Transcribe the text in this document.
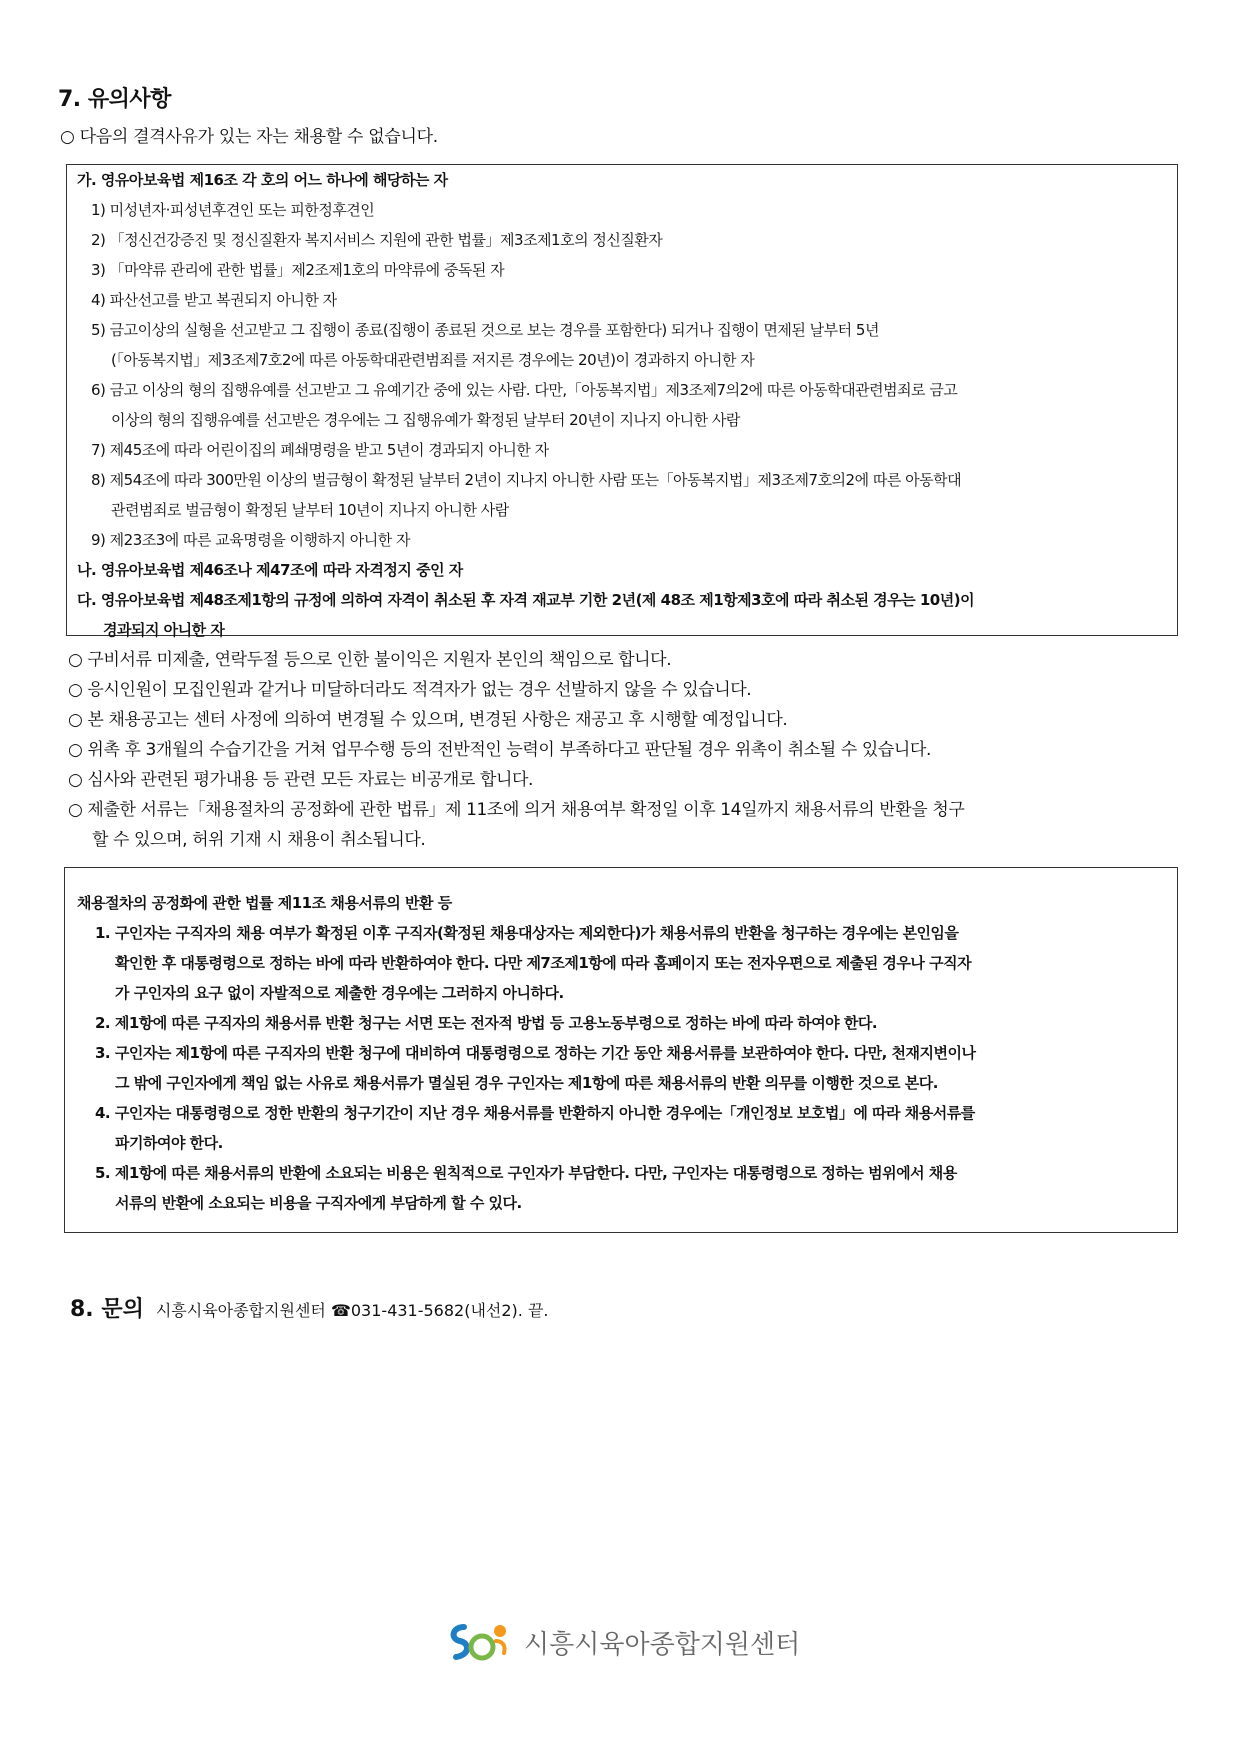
7. 유의사항

○ 다음의 결격사유가 있는 자는 채용할 수 없습니다.

가. 영유아보육법 제16조 각 호의 어느 하나에 해당하는 자

1) 미성년자·피성년후견인 또는 피한정후견인

2) 「정신건강증진 및 정신질환자 복지서비스 지원에 관한 법률」제3조제1호의 정신질환자

3) 「마약류 관리에 관한 법률」제2조제1호의 마약류에 중독된 자

4) 파산선고를 받고 복권되지 아니한 자

5) 금고이상의 실형을 선고받고 그 집행이 종료(집행이 종료된 것으로 보는 경우를 포함한다) 되거나 집행이 면제된 날부터 5년

(「아동복지법」제3조제7호2에 따른 아동학대관련범죄를 저지른 경우에는 20년)이 경과하지 아니한 자

6) 금고 이상의 형의 집행유예를 선고받고 그 유예기간 중에 있는 사람. 다만,「아동복지법」제3조제7의2에 따른 아동학대관련범죄로 금고

이상의 형의 집행유예를 선고받은 경우에는 그 집행유예가 확정된 날부터 20년이 지나지 아니한 사람

7) 제45조에 따라 어린이집의 폐쇄명령을 받고 5년이 경과되지 아니한 자

8) 제54조에 따라 300만원 이상의 벌금형이 확정된 날부터 2년이 지나지 아니한 사람 또는「아동복지법」제3조제7호의2에 따른 아동학대

관련범죄로 벌금형이 확정된 날부터 10년이 지나지 아니한 사람

9) 제23조3에 따른 교육명령을 이행하지 아니한 자

나. 영유아보육법 제46조나 제47조에 따라 자격정지 중인 자

다. 영유아보육법 제48조제1항의 규정에 의하여 자격이 취소된 후 자격 재교부 기한 2년(제 48조 제1항제3호에 따라 취소된 경우는 10년)이

경과되지 아니한 자

○ 구비서류 미제출, 연락두절 등으로 인한 불이익은 지원자 본인의 책임으로 합니다.
○ 응시인원이 모집인원과 같거나 미달하더라도 적격자가 없는 경우 선발하지 않을 수 있습니다.
○ 본 채용공고는 센터 사정에 의하여 변경될 수 있으며, 변경된 사항은 재공고 후 시행할 예정입니다.
○ 위촉 후 3개월의 수습기간을 거쳐 업무수행 등의 전반적인 능력이 부족하다고 판단될 경우 위촉이 취소될 수 있습니다.
○ 심사와 관련된 평가내용 등 관련 모든 자료는 비공개로 합니다.
○ 제출한 서류는「채용절차의 공정화에 관한 법류」제 11조에 의거 채용여부 확정일 이후 14일까지 채용서류의 반환을 청구
할 수 있으며, 허위 기재 시 채용이 취소됩니다.

채용절차의 공정화에 관한 법률 제11조 채용서류의 반환 등

1. 구인자는 구직자의 채용 여부가 확정된 이후 구직자(확정된 채용대상자는 제외한다)가 채용서류의 반환을 청구하는 경우에는 본인임을

확인한 후 대통령령으로 정하는 바에 따라 반환하여야 한다. 다만 제7조제1항에 따라 홈페이지 또는 전자우편으로 제출된 경우나 구직자

가 구인자의 요구 없이 자발적으로 제출한 경우에는 그러하지 아니하다.

2. 제1항에 따른 구직자의 채용서류 반환 청구는 서면 또는 전자적 방법 등 고용노동부령으로 정하는 바에 따라 하여야 한다.

3. 구인자는 제1항에 따른 구직자의 반환 청구에 대비하여 대통령령으로 정하는 기간 동안 채용서류를 보관하여야 한다. 다만, 천재지변이나

그 밖에 구인자에게 책임 없는 사유로 채용서류가 멸실된 경우 구인자는 제1항에 따른 채용서류의 반환 의무를 이행한 것으로 본다.

4. 구인자는 대통령령으로 정한 반환의 청구기간이 지난 경우 채용서류를 반환하지 아니한 경우에는「개인정보 보호법」에 따라 채용서류를

파기하여야 한다.

5. 제1항에 따른 채용서류의 반환에 소요되는 비용은 원칙적으로 구인자가 부담한다. 다만, 구인자는 대통령령으로 정하는 범위에서 채용

서류의 반환에 소요되는 비용을 구직자에게 부담하게 할 수 있다.

8. 문의 시흥시육아종합지원센터 ☎031-431-5682(내선2). 끝.

시흥시육아종합지원센터
